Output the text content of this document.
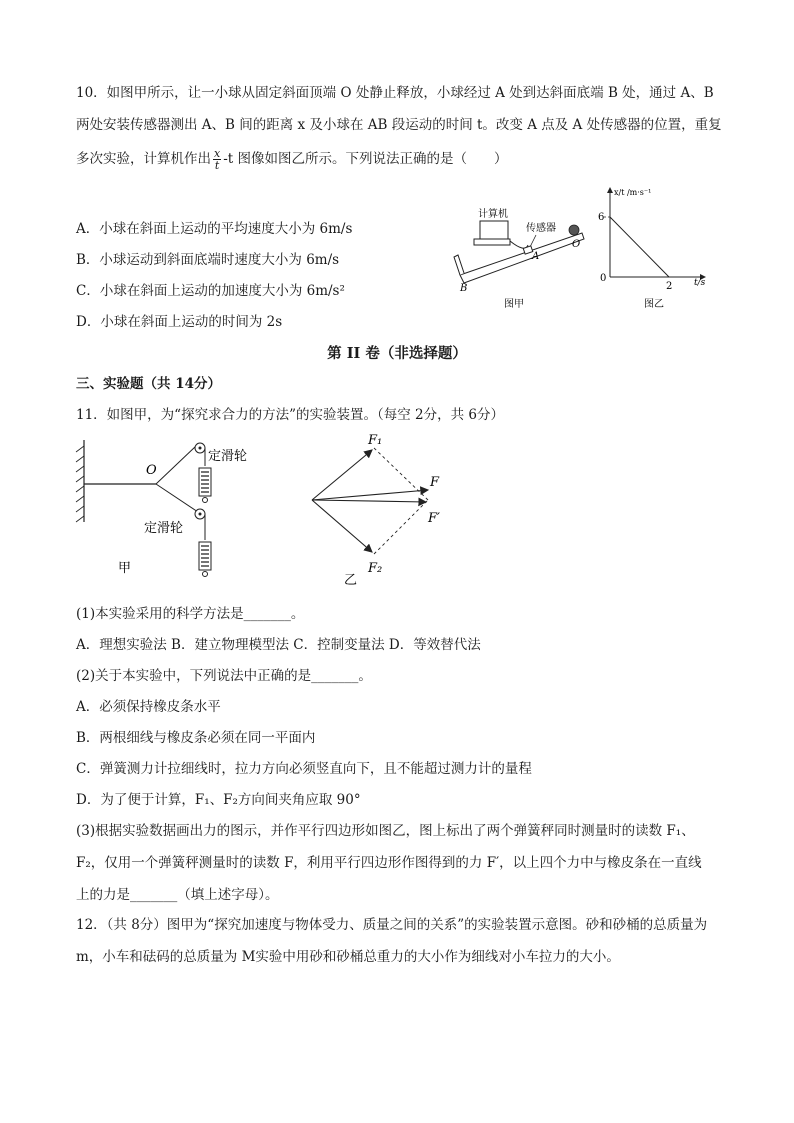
10．如图甲所示，让一小球从固定斜面顶端 O 处静止释放，小球经过 A 处到达斜面底端 B 处，通过 A、B
两处安装传感器测出 A、B 间的距离 x 及小球在 AB 段运动的时间 t。改变 A 点及 A 处传感器的位置，重复
多次实验，计算机作出 $\frac{x}{t} -t$ 图像如图乙所示。下列说法正确的是（　　）
A．小球在斜面上运动的平均速度大小为 6m/s
B．小球运动到斜面底端时速度大小为 6m/s
C．小球在斜面上运动的加速度大小为 6m/s²
D．小球在斜面上运动的时间为 2s
计算机
传感器
O
A
B
图甲
x/t /m·s⁻¹
6
0
2 t/s
图乙
第 II 卷（非选择题）
三、实验题（共 14分）
11．如图甲，为“探究求合力的方法”的实验装置。（每空 2分，共 6分）
O
定滑轮
定滑轮
甲
F₁
F
F′
F₂
乙
(1)本实验采用的科学方法是_______。
A．理想实验法 B．建立物理模型法 C．控制变量法 D．等效替代法
(2)关于本实验中，下列说法中正确的是_______。
A．必须保持橡皮条水平
B．两根细线与橡皮条必须在同一平面内
C．弹簧测力计拉细线时，拉力方向必须竖直向下，且不能超过测力计的量程
D．为了便于计算，F₁、F₂方向间夹角应取 90°
(3)根据实验数据画出力的图示，并作平行四边形如图乙，图上标出了两个弹簧秤同时测量时的读数 F₁、
F₂，仅用一个弹簧秤测量时的读数 F，利用平行四边形作图得到的力 F′，以上四个力中与橡皮条在一直线
上的力是_______（填上述字母）。
12．（共 8分）图甲为“探究加速度与物体受力、质量之间的关系”的实验装置示意图。砂和砂桶的总质量为
m，小车和砝码的总质量为 M实验中用砂和砂桶总重力的大小作为细线对小车拉力的大小。
